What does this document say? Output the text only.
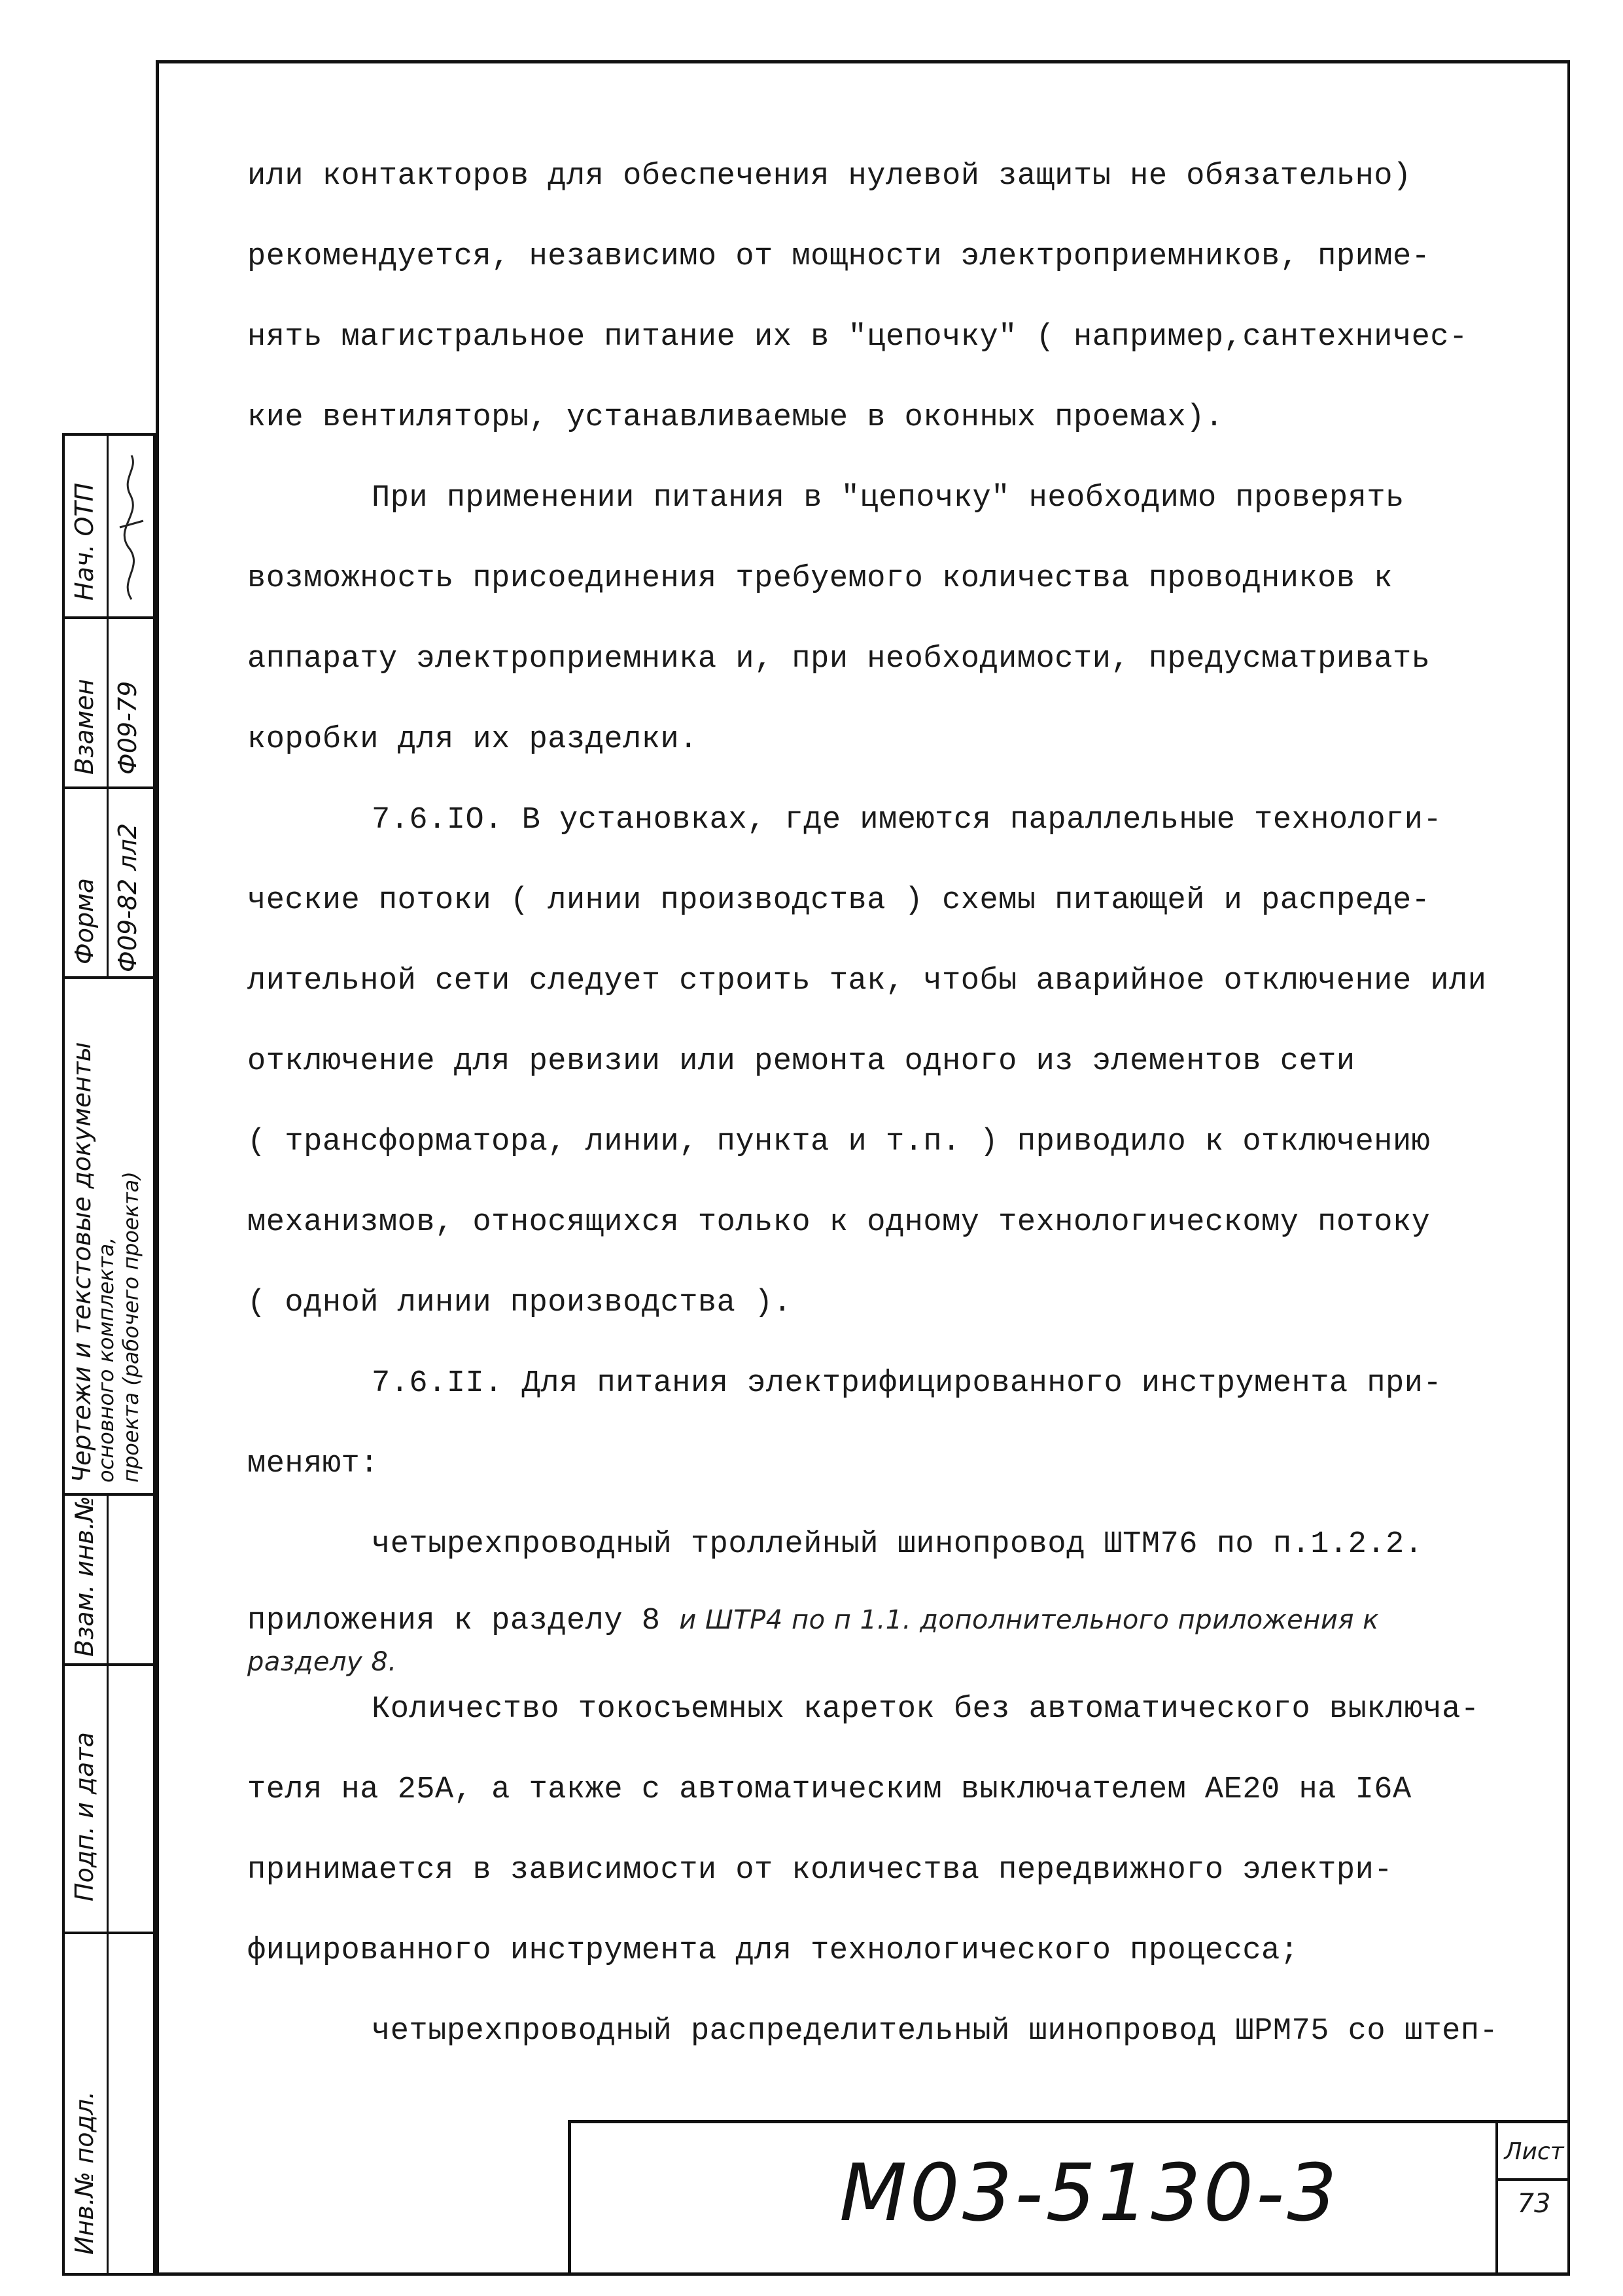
или контакторов для обеспечения нулевой защиты не обязательно)
рекомендуется, независимо от мощности электроприемников, приме-
нять магистральное питание их в "цепочку" ( например,сантехничес-
кие вентиляторы, устанавливаемые в оконных проемах).
При применении питания в "цепочку" необходимо проверять
возможность присоединения требуемого количества проводников к
аппарату электроприемника и, при необходимости, предусматривать
коробки для их разделки.
7.6.IO. В установках, где имеются параллельные технологи-
ческие потоки ( линии производства ) схемы питающей и распреде-
лительной сети следует строить так, чтобы аварийное отключение или
отключение для ревизии или ремонта одного из элементов сети
( трансформатора, линии, пункта и т.п. ) приводило к отключению
механизмов, относящихся только к одному технологическому потоку
( одной линии производства ).
7.6.II. Для питания электрифицированного инструмента при-
меняют:
четырехпроводный троллейный шинопровод ШТМ76 по п.1.2.2.
приложения к разделу 8 и ШТР4 по п 1.1. дополнительного приложения к
разделу 8.
Количество токосъемных кареток без автоматического выключа-
теля на 25А, а также с автоматическим выключателем АЕ20 на I6А
принимается в зависимости от количества передвижного электри-
фицированного инструмента для технологического процесса;
четырехпроводный распределительный шинопровод ШРМ75 со штеп-
Нач. ОТП
Взамен Ф09-79
Форма Ф09-82 лл2
Чертежи и текстовые документы
основного комплекта, проекта (рабочего проекта)
Взам. инв.№
Подп. и дата
Инв.№ подл.	М03-5130-3	Лист
73
